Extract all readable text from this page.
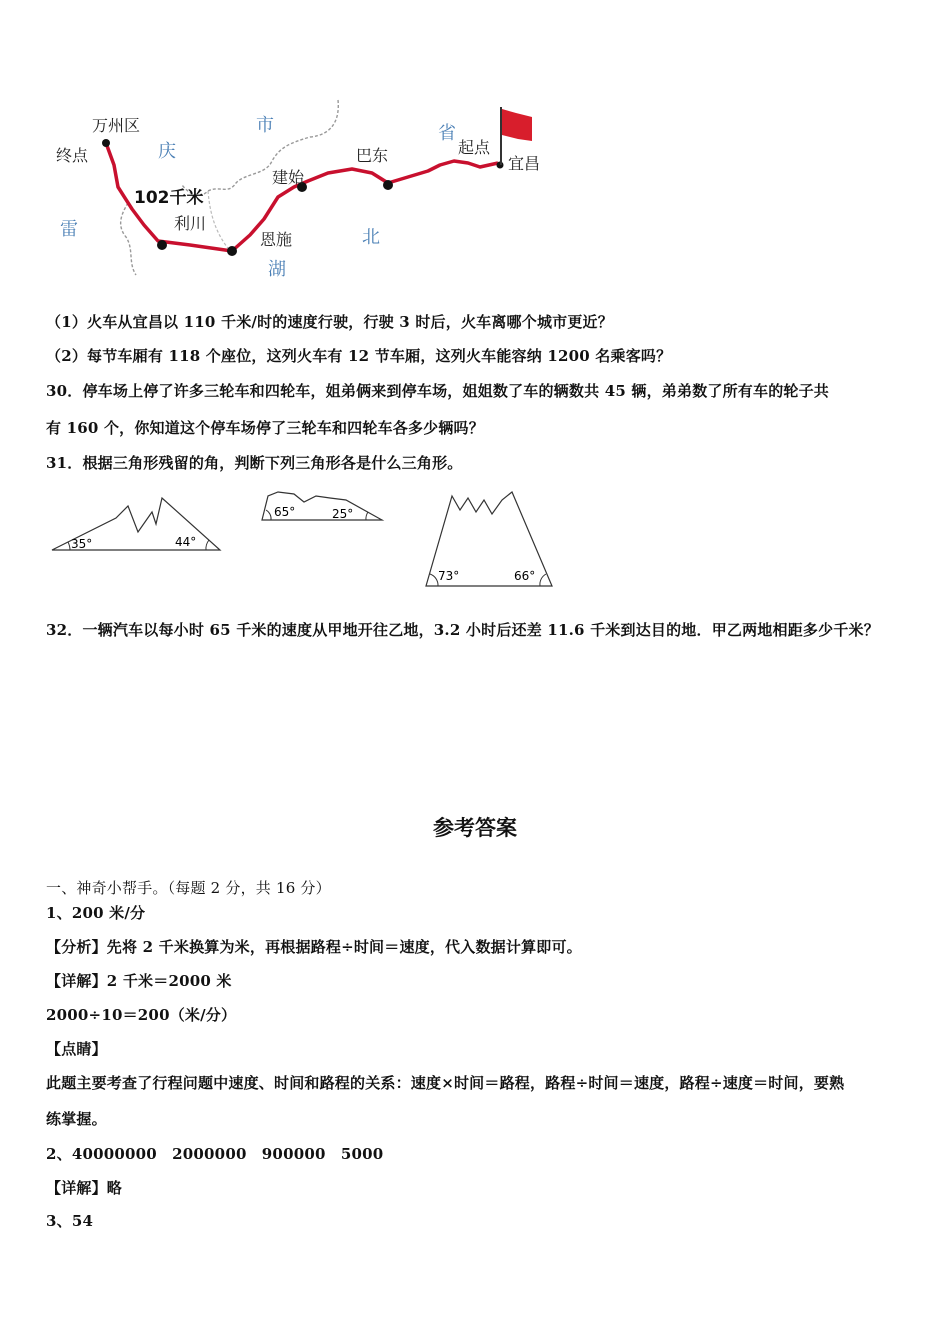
万州区
终点	庆
市	省
起点
宜昌
巴东
建始
102千米
利川
恩施
雷
湖
北
（1）火车从宜昌以 110 千米/时的速度行驶，行驶 3 时后，火车离哪个城市更近？
（2）每节车厢有 118 个座位，这列火车有 12 节车厢，这列火车能容纳 1200 名乘客吗？
30．停车场上停了许多三轮车和四轮车，姐弟俩来到停车场，姐姐数了车的辆数共 45 辆，弟弟数了所有车的轮子共
有 160 个，你知道这个停车场停了三轮车和四轮车各多少辆吗？
31．根据三角形残留的角，判断下列三角形各是什么三角形。
35°	44°
65°	25°
73°	66°
32．一辆汽车以每小时 65 千米的速度从甲地开往乙地，3.2 小时后还差 11.6 千米到达目的地．甲乙两地相距多少千米？
参考答案
一、神奇小帮手。（每题 2 分，共 16 分）
1、200 米/分
【分析】先将 2 千米换算为米，再根据路程÷时间＝速度，代入数据计算即可。
【详解】2 千米＝2000 米
2000÷10＝200（米/分）
【点睛】
此题主要考查了行程问题中速度、时间和路程的关系：速度×时间＝路程，路程÷时间＝速度，路程÷速度＝时间，要熟
练掌握。
2、40000000　2000000　900000　5000
【详解】略
3、54
